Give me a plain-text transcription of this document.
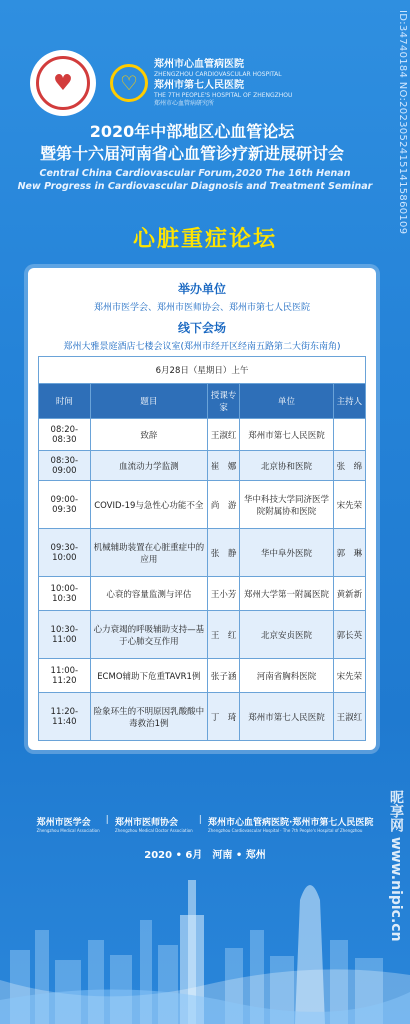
ID:34740184 NO:20230524151415860109
♥	♡
郑州市心血管病医院
ZHENGZHOU CARDIOVASCULAR HOSPITAL
郑州市第七人民医院
THE 7TH PEOPLE'S HOSPITAL OF ZHENGZHOU
郑州市心血管病研究所
2020年中部地区心血管论坛
暨第十六届河南省心血管诊疗新进展研讨会
Central China Cardiovascular Forum,2020 The 16th Henan
New Progress in Cardiovascular Diagnosis and Treatment Seminar
心脏重症论坛
举办单位
郑州市医学会、郑州市医师协会、郑州市第七人民医院
线下会场
郑州大雅景庭酒店七楼会议室(郑州市经开区经南五路第二大街东南角)
6月28日（星期日）上午				
时间	题目	授课专家	单位	主持人
08:20-08:30	致辞	王淑红	郑州市第七人民医院	
08:30-09:00	血流动力学监测	崔　娜	北京协和医院	张　绵
09:00-09:30	COVID-19与急性心功能不全	尚　游	华中科技大学同济医学院附属协和医院	宋先荣
09:30-10:00	机械辅助装置在心脏重症中的应用	张　静	华中阜外医院	郭　琳
10:00-10:30	心衰的容量监测与评估	王小芳	郑州大学第一附属医院	黄新新
10:30-11:00	心力衰竭的呼吸辅助支持—基于心肺交互作用	王　红	北京安贞医院	郭长英
11:00-11:20	ECMO辅助下危重TAVR1例	张子涵	河南省胸科医院	宋先荣
11:20-11:40	险象环生的不明原因乳酸酸中毒救治1例	丁　琦	郑州市第七人民医院	王淑红
郑州市医学会
Zhengzhou Medical Association
| 郑州市医师协会
Zhengzhou Medical Doctor Association
| 郑州市心血管病医院·郑州市第七人民医院
Zhengzhou Cardiovascular Hospital · The 7th People's Hospital of Zhengzhou
2020 • 6月　河南 • 郑州	昵享网 www.nipic.cn
